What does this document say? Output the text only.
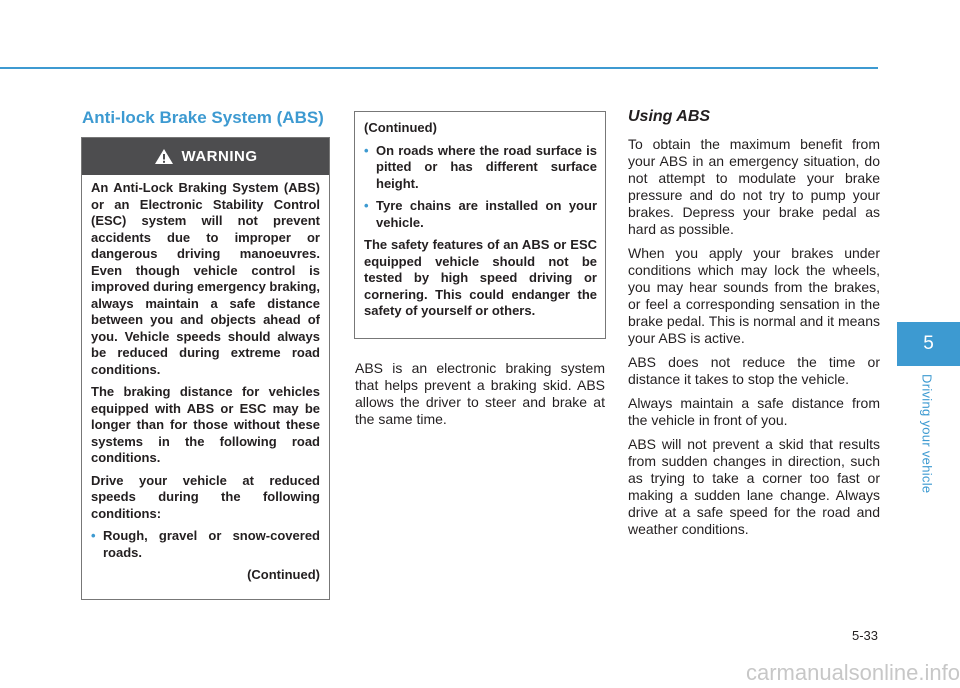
Anti-lock Brake System (ABS)
WARNING

An Anti-Lock Braking System (ABS) or an Electronic Stability Control (ESC) system will not prevent accidents due to improper or dangerous driving manoeuvres. Even though vehicle control is improved during emergency braking, always maintain a safe distance between you and objects ahead of you. Vehicle speeds should always be reduced during extreme road conditions.

The braking distance for vehicles equipped with ABS or ESC may be longer than for those without these systems in the following road conditions.

Drive your vehicle at reduced speeds during the following conditions:

• Rough, gravel or snow-covered roads.

(Continued)

(Continued)

• On roads where the road surface is pitted or has different surface height.
• Tyre chains are installed on your vehicle.

The safety features of an ABS or ESC equipped vehicle should not be tested by high speed driving or cornering. This could endanger the safety of yourself or others.

ABS is an electronic braking system that helps prevent a braking skid. ABS allows the driver to steer and brake at the same time.

Using ABS

To obtain the maximum benefit from your ABS in an emergency situation, do not attempt to modulate your brake pressure and do not try to pump your brakes. Depress your brake pedal as hard as possible.

When you apply your brakes under conditions which may lock the wheels, you may hear sounds from the brakes, or feel a corresponding sensation in the brake pedal. This is normal and it means your ABS is active.

ABS does not reduce the time or distance it takes to stop the vehicle.

Always maintain a safe distance from the vehicle in front of you.

ABS will not prevent a skid that results from sudden changes in direction, such as trying to take a corner too fast or making a sudden lane change. Always drive at a safe speed for the road and weather conditions.

5
Driving your vehicle
5-33
carmanualsonline.info
